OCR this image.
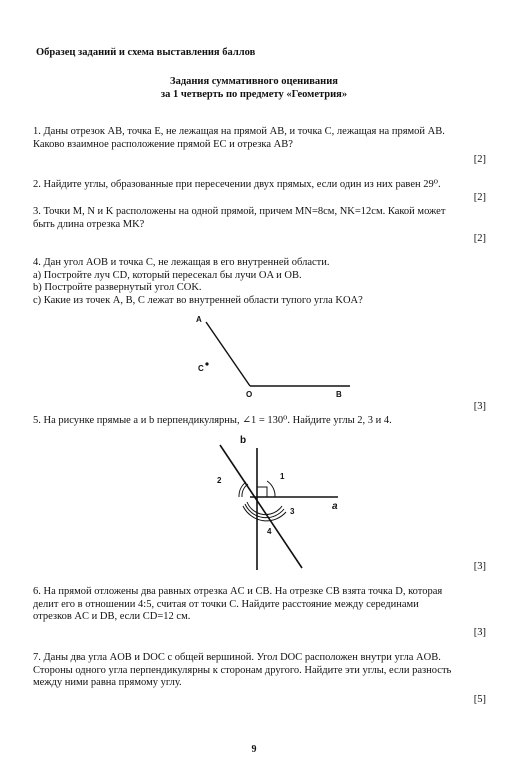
Образец заданий и схема выставления баллов
Задания суммативного оценивания
за 1 четверть по предмету «Геометрия»

1. Даны отрезок AB, точка E, не лежащая на прямой AB, и точка C, лежащая на прямой AB.

Каково взаимное расположение прямой EC и отрезка AB?

[2]

2. Найдите углы, образованные при пересечении двух прямых, если один из них равен 29⁰.

[2]

3. Точки M, N и K расположены на одной прямой, причем MN=8см, NK=12см. Какой может

быть длина отрезка MK?

[2]

4. Дан угол AOB и точка C, не лежащая в его внутренней области.

a) Постройте луч CD, который пересекал бы лучи OA и OB.

b) Постройте развернутый угол COK.

c) Какие из точек A, B, C лежат во внутренней области тупого угла KOA?

A
C
O	B
[3]

5. На рисунке прямые a и b перпендикулярны, ∠1 = 130⁰. Найдите углы 2, 3 и 4.

b
a
1
2
3
4
[3]

6. На прямой отложены два равных отрезка AC и CB. На отрезке CB взята точка D, которая

делит его в отношении 4:5, считая от точки C. Найдите расстояние между серединами

отрезков AC и DB, если CD=12 см.

[3]

7. Даны два угла AOB и DOC с общей вершиной. Угол DOC расположен внутри угла AOB.

Стороны одного угла перпендикулярны к сторонам другого. Найдите эти углы, если разность

между ними равна прямому углу.

[5]
9
